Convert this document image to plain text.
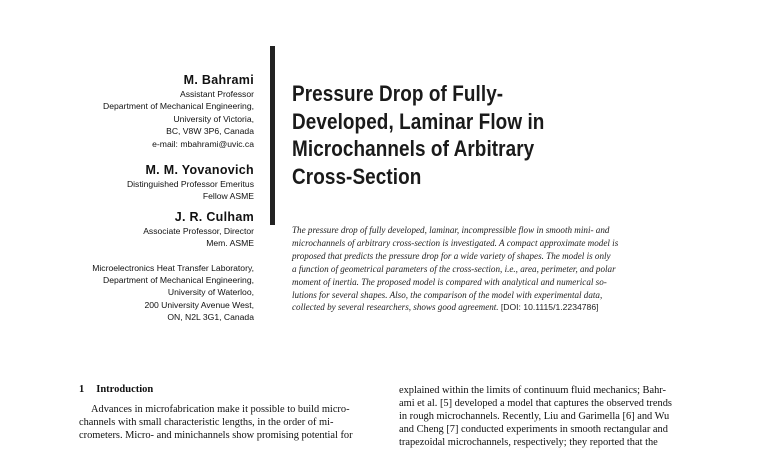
M. Bahrami
Assistant Professor
Department of Mechanical Engineering,
University of Victoria,
BC, V8W 3P6, Canada
e-mail: mbahrami@uvic.ca
M. M. Yovanovich
Distinguished Professor Emeritus
Fellow ASME
J. R. Culham
Associate Professor, Director
Mem. ASME
Microelectronics Heat Transfer Laboratory,
Department of Mechanical Engineering,
University of Waterloo,
200 University Avenue West,
ON, N2L 3G1, Canada
Pressure Drop of Fully-
Developed, Laminar Flow in
Microchannels of Arbitrary
Cross-Section
The pressure drop of fully developed, laminar, incompressible flow in smooth mini- and
microchannels of arbitrary cross-section is investigated. A compact approximate model is
proposed that predicts the pressure drop for a wide variety of shapes. The model is only
a function of geometrical parameters of the cross-section, i.e., area, perimeter, and polar
moment of inertia. The proposed model is compared with analytical and numerical so-
lutions for several shapes. Also, the comparison of the model with experimental data,
collected by several researchers, shows good agreement. [DOI: 10.1115/1.2234786]
1 Introduction
Advances in microfabrication make it possible to build micro-
channels with small characteristic lengths, in the order of mi-
crometers. Micro- and minichannels show promising potential for
explained within the limits of continuum fluid mechanics; Bahr-
ami et al. [5] developed a model that captures the observed trends
in rough microchannels. Recently, Liu and Garimella [6] and Wu
and Cheng [7] conducted experiments in smooth rectangular and
trapezoidal microchannels, respectively; they reported that the
